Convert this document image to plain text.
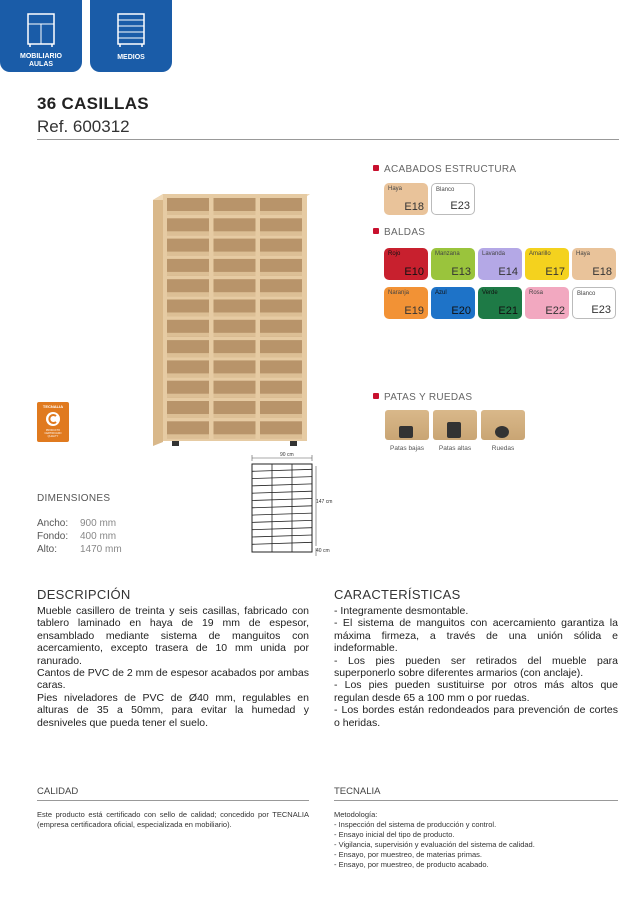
MOBILIARIO
AULAS
MEDIOS
36 CASILLAS
Ref. 600312
TECNALIA
PRODUCTO
CERTIFICADO
QUALITY
90 cm
147 cm
40 cm
ACABADOS ESTRUCTURA
Haya
E18
Blanco
E23
BALDAS
Rojo
E10
Manzana
E13
Lavanda
E14
Amarillo
E17
Haya
E18
Naranja
E19
Azul
E20
Verde
E21
Rosa
E22
Blanco
E23
PATAS Y RUEDAS
Patas bajas	Patas altas	Ruedas
DIMENSIONES
Ancho: 900 mm
Fondo: 400 mm
Alto: 1470 mm
DESCRIPCIÓN

Mueble casillero de treinta y seis casillas, fabricado con tablero laminado en haya de 19 mm de espesor, ensamblado mediante sistema de manguitos con acercamiento, excepto trasera de 10 mm unida por ranurado.

Cantos de PVC de 2 mm de espesor acabados por ambas caras.

Pies niveladores de PVC de Ø40 mm, regulables en alturas de 35 a 50mm, para evitar la humedad y desniveles que pueda tener el suelo.

CARACTERÍSTICAS

- Integramente desmontable.

- El sistema de manguitos con acercamiento garantiza la máxima firmeza, a través de una unión sólida e indeformable.

- Los pies pueden ser retirados del mueble para superponerlo sobre diferentes armarios (con anclaje).

- Los pies pueden sustituirse por otros más altos que regulan desde 65 a 100 mm o por ruedas.

- Los bordes están redondeados para prevención de cortes o heridas.

CALIDAD
Este producto está certificado con sello de calidad; concedido por TECNALIA (empresa certificadora oficial, especializada en mobiliario).
TECNALIA
Metodología:
- Inspección del sistema de producción y control.
- Ensayo inicial del tipo de producto.
- Vigilancia, supervisión y evaluación del sistema de calidad.
- Ensayo, por muestreo, de materias primas.
- Ensayo, por muestreo, de producto acabado.
